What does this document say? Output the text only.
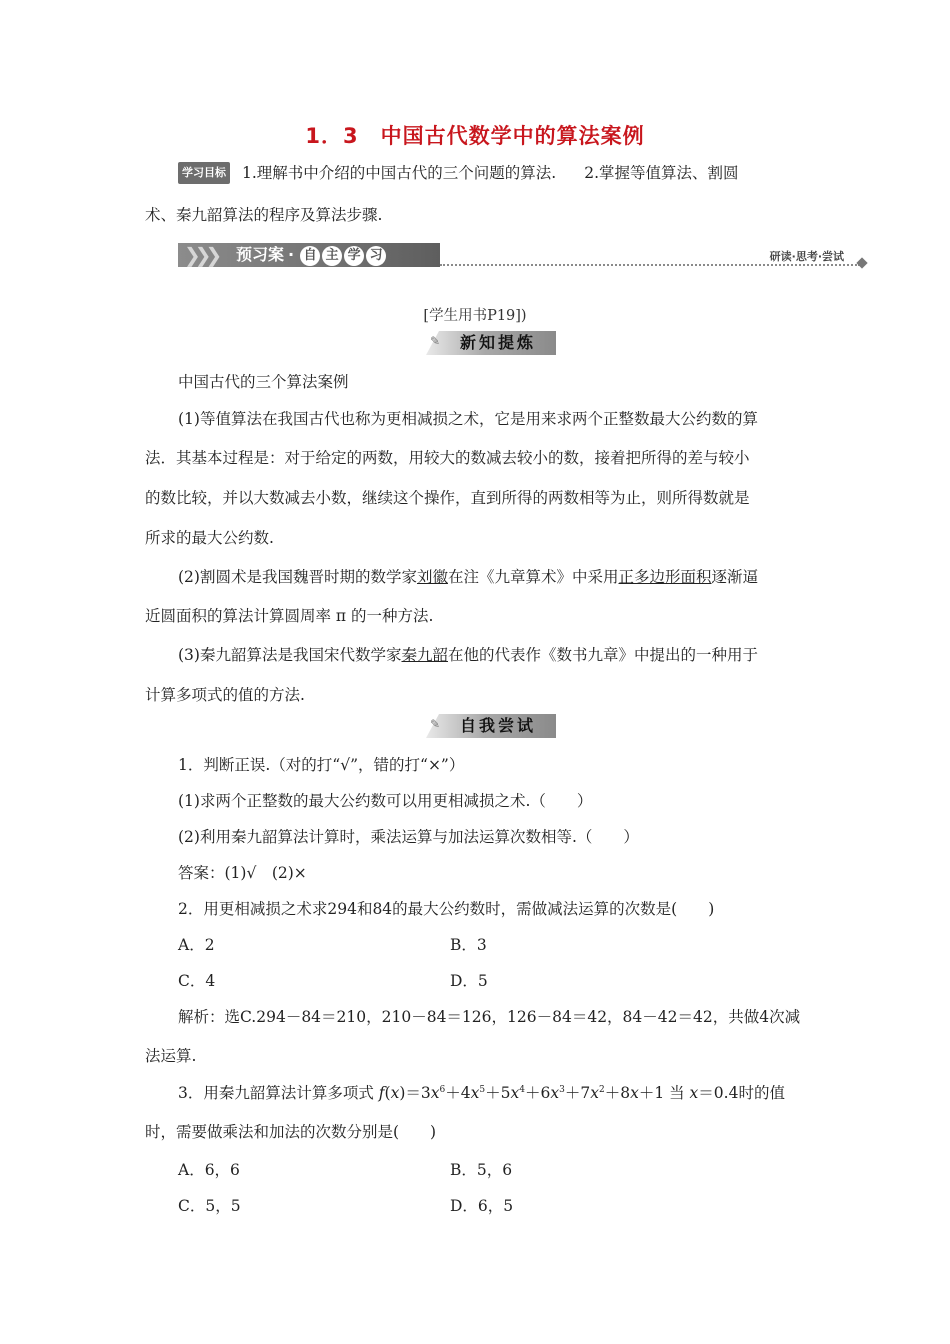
1．3 中国古代数学中的算法案例
学习目标 1.理解书中介绍的中国古代的三个问题的算法. 2.掌握等值算法、割圆
术、秦九韶算法的程序及算法步骤.
❯❯❯ 预习案 · 自 主 学 习	研读·思考·尝试
[学生用书P19])
✎	新知提炼
中国古代的三个算法案例
(1)等值算法在我国古代也称为更相减损之术，它是用来求两个正整数最大公约数的算
法．其基本过程是：对于给定的两数，用较大的数减去较小的数，接着把所得的差与较小
的数比较，并以大数减去小数，继续这个操作，直到所得的两数相等为止，则所得数就是
所求的最大公约数.
(2)割圆术是我国魏晋时期的数学家刘徽在注《九章算术》中采用正多边形面积逐渐逼
近圆面积的算法计算圆周率 π 的一种方法.
(3)秦九韶算法是我国宋代数学家秦九韶在他的代表作《数书九章》中提出的一种用于
计算多项式的值的方法.
✎	自我尝试
1．判断正误.（对的打“√”，错的打“×”）
(1)求两个正整数的最大公约数可以用更相减损之术.（　　）
(2)利用秦九韶算法计算时，乘法运算与加法运算次数相等.（　　）
答案：(1)√　(2)×
2．用更相减损之术求294和84的最大公约数时，需做减法运算的次数是(　　)
A．2	B．3
C．4	D．5
解析：选C.294－84＝210，210－84＝126，126－84＝42，84－42＝42，共做4次减
法运算.
3．用秦九韶算法计算多项式 $f(x)=3x^6+4x^5+5x^4+6x^3+7x^2+8x+1$ 当 x＝0.4时的值
时，需要做乘法和加法的次数分别是(　　)
A．6，6	B．5，6
C．5，5	D．6，5
